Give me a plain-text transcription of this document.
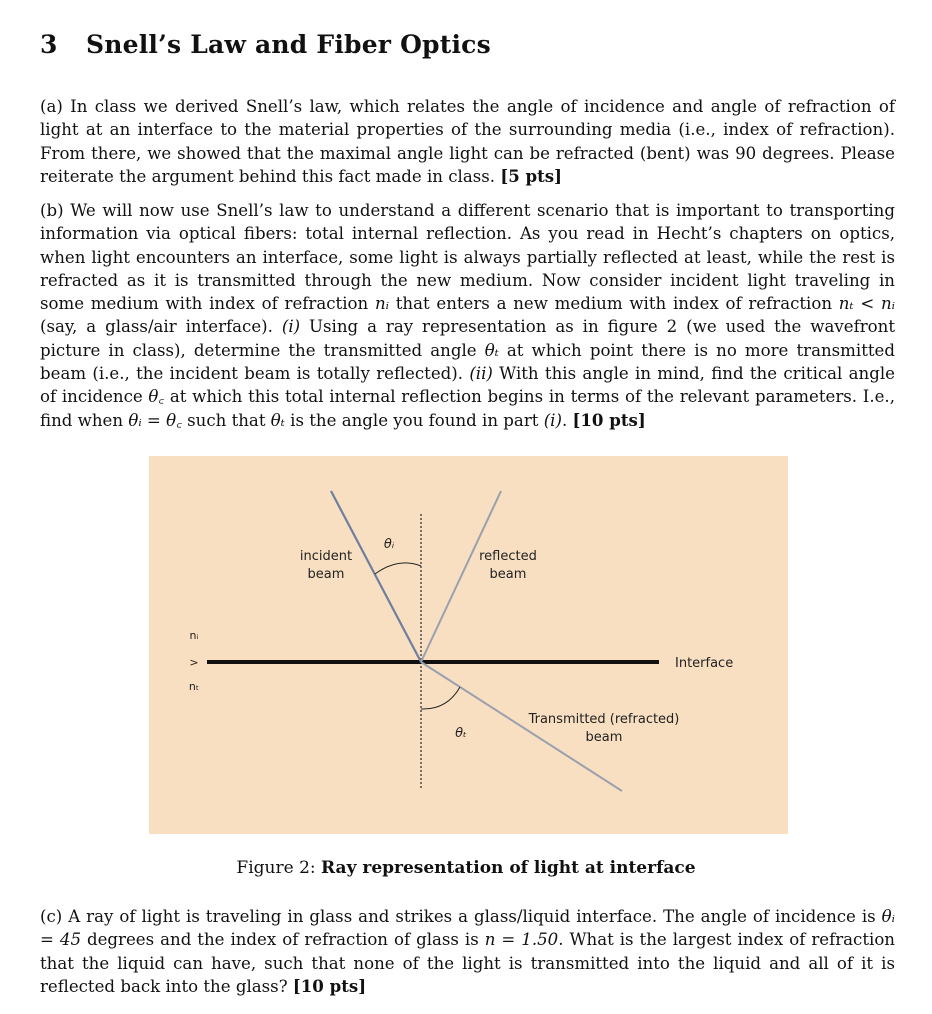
3 Snell’s Law and Fiber Optics
(a) In class we derived Snell’s law, which relates the angle of incidence and angle of refraction of light at an interface to the material properties of the surrounding media (i.e., index of refraction). From there, we showed that the maximal angle light can be refracted (bent) was 90 degrees. Please reiterate the argument behind this fact made in class. [5 pts]
(b) We will now use Snell’s law to understand a different scenario that is important to transporting information via optical fibers: total internal reflection. As you read in Hecht’s chapters on optics, when light encounters an interface, some light is always partially reflected at least, while the rest is refracted as it is transmitted through the new medium. Now consider incident light traveling in some medium with index of refraction nᵢ that enters a new medium with index of refraction nₜ < nᵢ (say, a glass/air interface). (i) Using a ray representation as in figure 2 (we used the wavefront picture in class), determine the transmitted angle θₜ at which point there is no more transmitted beam (i.e., the incident beam is totally reflected). (ii) With this angle in mind, find the critical angle of incidence θ꜀ at which this total internal reflection begins in terms of the relevant parameters. I.e., find when θᵢ = θ꜀ such that θₜ is the angle you found in part (i). [10 pts]
incident
beam
reflected
beam
θᵢ
θₜ
nᵢ
>
nₜ
Interface
Transmitted (refracted)
beam
Figure 2: Ray representation of light at interface
(c) A ray of light is traveling in glass and strikes a glass/liquid interface. The angle of incidence is θᵢ = 45 degrees and the index of refraction of glass is n = 1.50. What is the largest index of refraction that the liquid can have, such that none of the light is transmitted into the liquid and all of it is reflected back into the glass? [10 pts]
